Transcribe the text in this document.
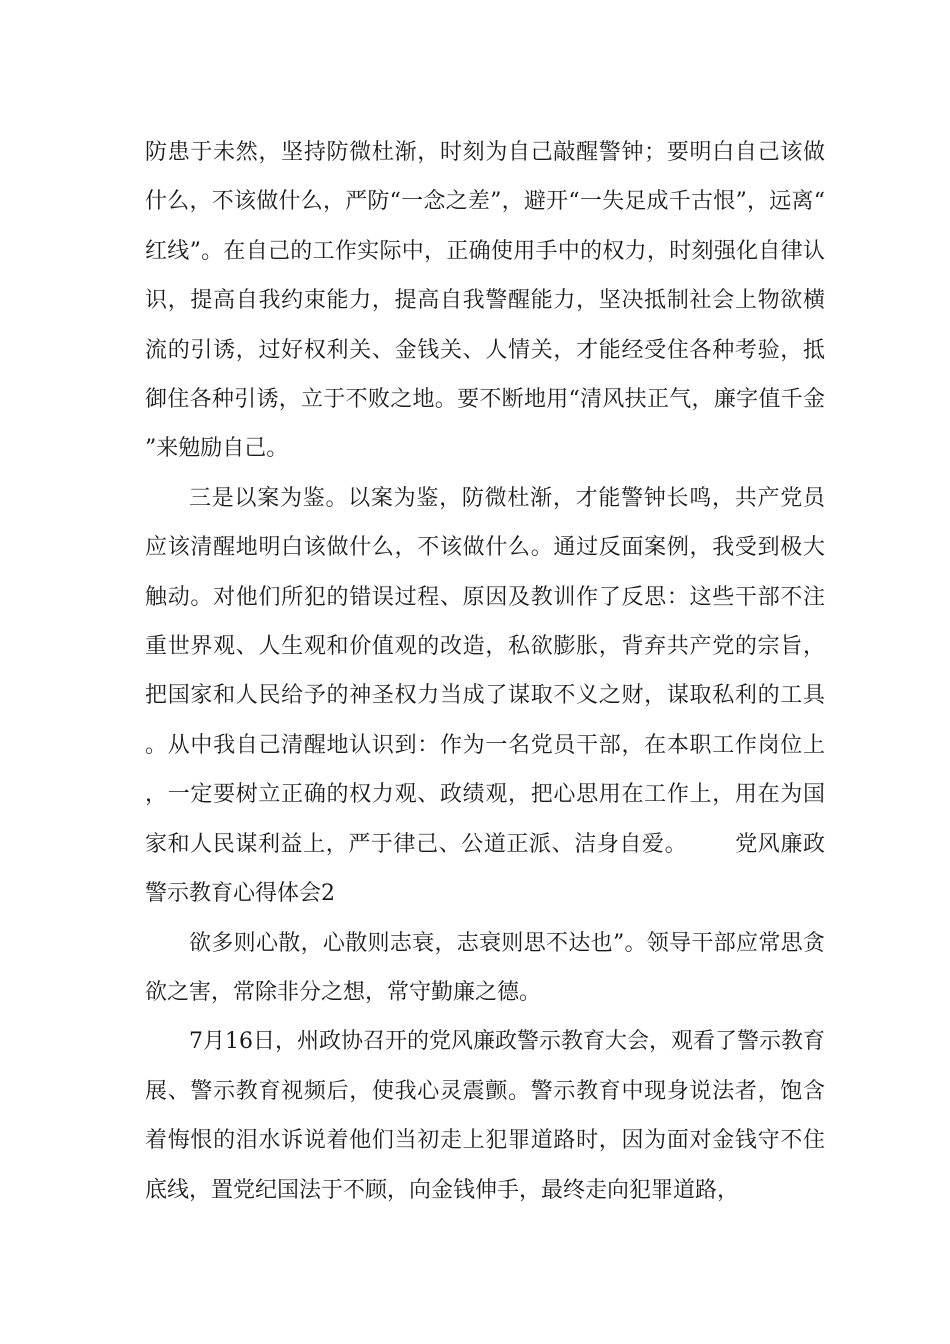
防患于未然，坚持防微杜渐，时刻为自己敲醒警钟；要明白自己该做什么，不该做什么，严防“一念之差”，避开“一失足成千古恨”，远离“红线”。在自己的工作实际中，正确使用手中的权力，时刻强化自律认识，提高自我约束能力，提高自我警醒能力，坚决抵制社会上物欲横流的引诱，过好权利关、金钱关、人情关，才能经受住各种考验，抵御住各种引诱，立于不败之地。要不断地用“清风扶正气，廉字值千金”来勉励自己。

三是以案为鉴。以案为鉴，防微杜渐，才能警钟长鸣，共产党员应该清醒地明白该做什么，不该做什么。通过反面案例，我受到极大触动。对他们所犯的错误过程、原因及教训作了反思：这些干部不注重世界观、人生观和价值观的改造，私欲膨胀，背弃共产党的宗旨，把国家和人民给予的神圣权力当成了谋取不义之财，谋取私利的工具。从中我自己清醒地认识到：作为一名党员干部，在本职工作岗位上，一定要树立正确的权力观、政绩观，把心思用在工作上，用在为国家和人民谋利益上，严于律己、公道正派、洁身自爱。 党风廉政警示教育心得体会2

欲多则心散，心散则志衰，志衰则思不达也”。领导干部应常思贪欲之害，常除非分之想，常守勤廉之德。

7月16日，州政协召开的党风廉政警示教育大会，观看了警示教育展、警示教育视频后，使我心灵震颤。警示教育中现身说法者，饱含着悔恨的泪水诉说着他们当初走上犯罪道路时，因为面对金钱守不住底线，置党纪国法于不顾，向金钱伸手，最终走向犯罪道路，
